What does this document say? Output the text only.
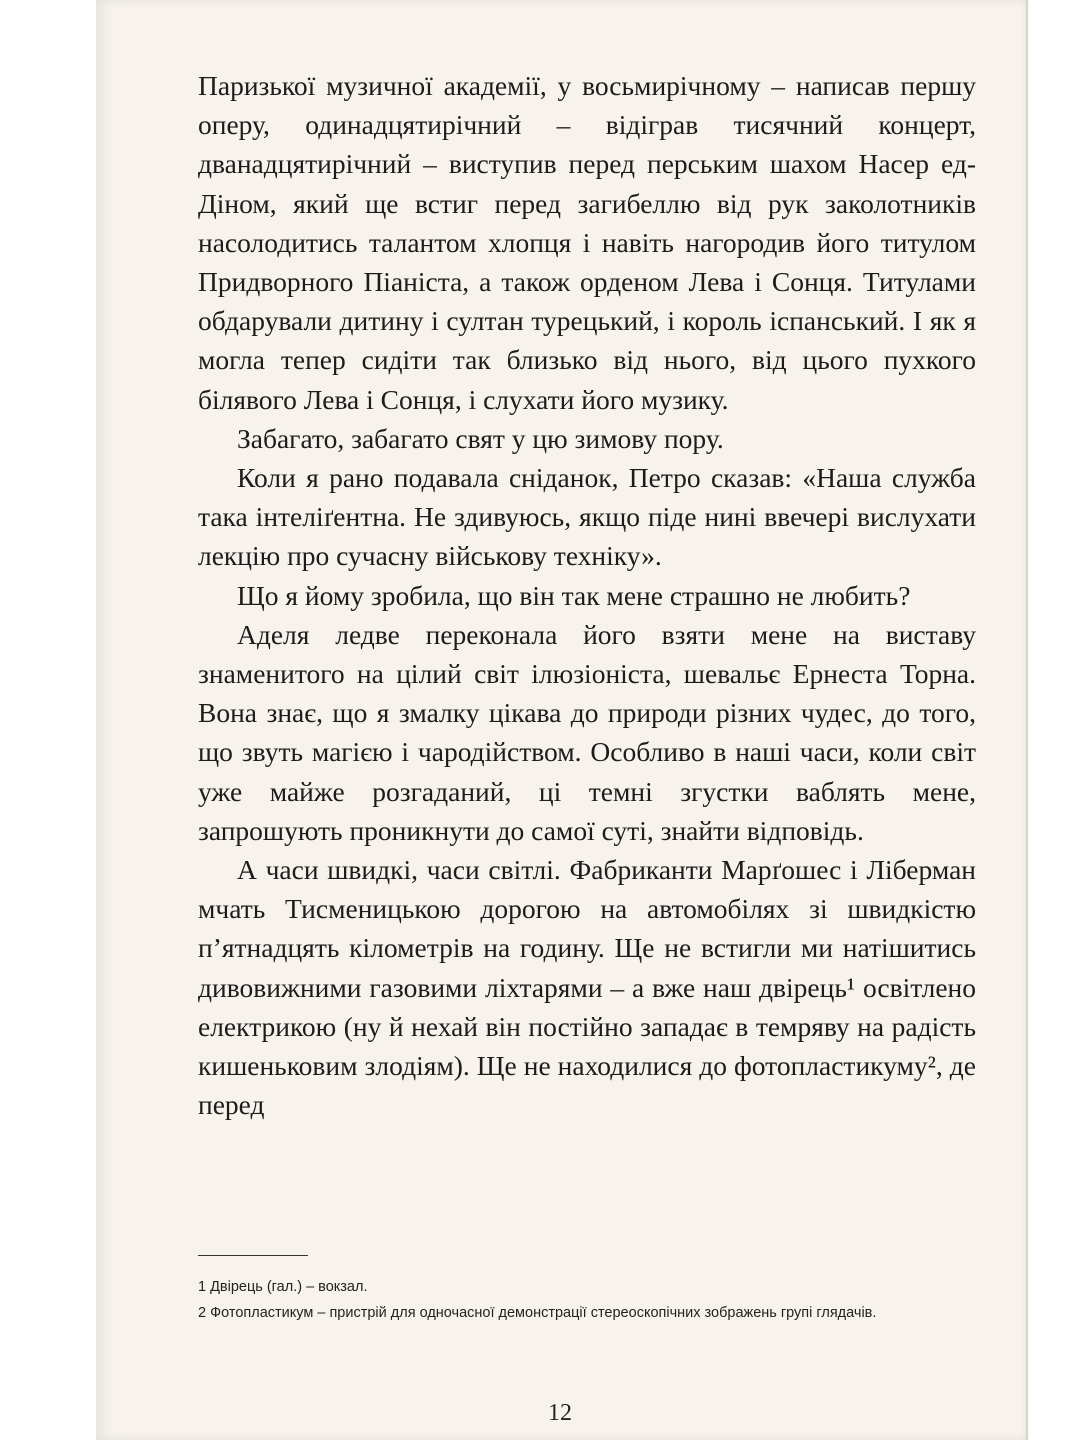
Паризької музичної академії, у восьмирічному – написав першу оперу, одинадцятирічний – відіграв тисячний концерт, дванадцятирічний – виступив перед перським шахом Насер ед-Діном, який ще встиг перед загибеллю від рук заколотників насолодитись талантом хлопця і навіть нагородив його титулом Придворного Піаніста, а також орденом Лева і Сонця. Титулами обдарували дитину і султан турецький, і король іспанський. І як я могла тепер сидіти так близько від нього, від цього пухкого білявого Лева і Сонця, і слухати його музику.

Забагато, забагато свят у цю зимову пору.

Коли я рано подавала сніданок, Петро сказав: «Наша служба така інтеліґентна. Не здивуюсь, якщо піде нині ввечері вислухати лекцію про сучасну військову техніку».

Що я йому зробила, що він так мене страшно не любить?

Аделя ледве переконала його взяти мене на виставу знаменитого на цілий світ ілюзіоніста, шевальє Ернеста Торна. Вона знає, що я змалку цікава до природи різних чудес, до того, що звуть магією і чародійством. Особливо в наші часи, коли світ уже майже розгаданий, ці темні згустки ваблять мене, запрошують проникнути до самої суті, знайти відповідь.

А часи швидкі, часи світлі. Фабриканти Марґошес і Ліберман мчать Тисменицькою дорогою на автомобілях зі швидкістю п’ятнадцять кілометрів на годину. Ще не встигли ми натішитись дивовижними газовими ліхтарями – а вже наш двірець¹ освітлено електрикою (ну й нехай він постійно западає в темряву на радість кишеньковим злодіям). Ще не находилися до фотопластикуму², де перед

1 Двірець (гал.) – вокзал.

2 Фотопластикум – пристрій для одночасної демонстрації стереоскопічних зображень групі глядачів.

12
